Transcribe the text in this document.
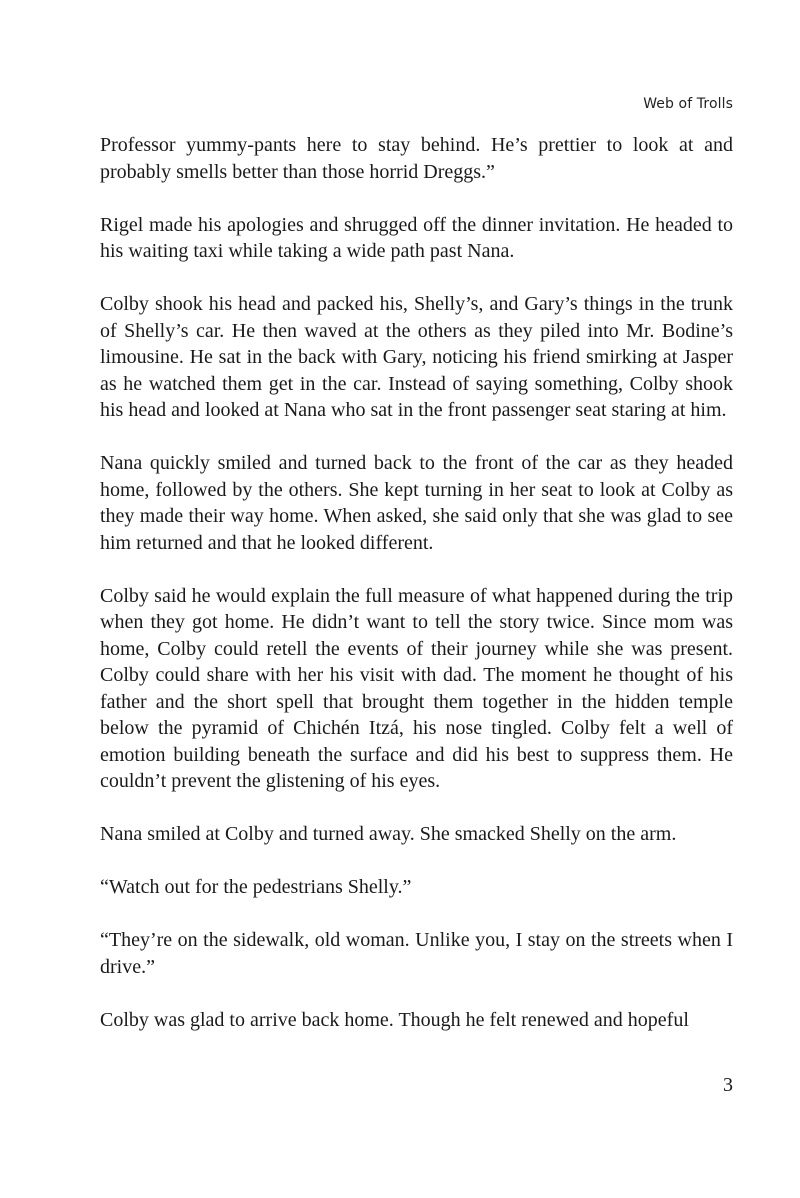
Web of Trolls

Professor yummy-pants here to stay behind. He’s prettier to look at and probably smells better than those horrid Dreggs.”

Rigel made his apologies and shrugged off the dinner invitation. He headed to his waiting taxi while taking a wide path past Nana.

Colby shook his head and packed his, Shelly’s, and Gary’s things in the trunk of Shelly’s car. He then waved at the others as they piled into Mr. Bodine’s limousine. He sat in the back with Gary, noticing his friend smirking at Jasper as he watched them get in the car. Instead of saying something, Colby shook his head and looked at Nana who sat in the front passenger seat staring at him.

Nana quickly smiled and turned back to the front of the car as they headed home, followed by the others. She kept turning in her seat to look at Colby as they made their way home. When asked, she said only that she was glad to see him returned and that he looked different.

Colby said he would explain the full measure of what happened during the trip when they got home. He didn’t want to tell the story twice. Since mom was home, Colby could retell the events of their journey while she was present. Colby could share with her his visit with dad. The moment he thought of his father and the short spell that brought them together in the hidden temple below the pyramid of Chichén Itzá, his nose tingled. Colby felt a well of emotion building beneath the surface and did his best to suppress them. He couldn’t prevent the glistening of his eyes.

Nana smiled at Colby and turned away. She smacked Shelly on the arm.

“Watch out for the pedestrians Shelly.”

“They’re on the sidewalk, old woman. Unlike you, I stay on the streets when I drive.”

Colby was glad to arrive back home. Though he felt renewed and hopeful

3
